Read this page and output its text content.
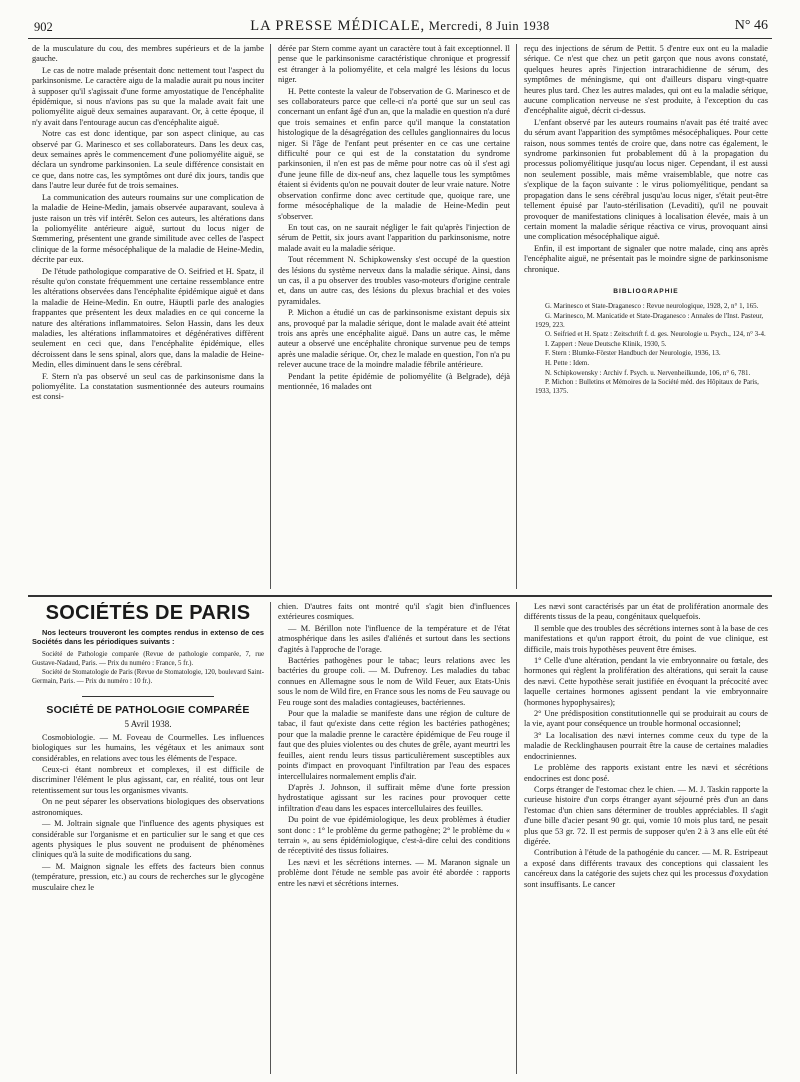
902	LA PRESSE MÉDICALE, Mercredi, 8 Juin 1938	N° 46

de la musculature du cou, des membres supérieurs et de la jambe gauche.

Le cas de notre malade présentait donc nettement tout l'aspect du parkinsonisme. Le caractère aigu de la maladie aurait pu nous inciter à supposer qu'il s'agissait d'une forme amyostatique de l'encéphalite épidémique, si nous n'avions pas su que la malade avait fait une poliomyélite aiguë deux semaines auparavant. Or, à cette époque, il n'y avait dans l'entourage aucun cas d'encéphalite aiguë.

Notre cas est donc identique, par son aspect clinique, au cas observé par G. Marinesco et ses collaborateurs. Dans les deux cas, deux semaines après le commencement d'une poliomyélite aiguë, se déclara un syndrome parkinsonien. La seule différence consistait en ce que, dans notre cas, les symptômes ont duré dix jours, tandis que dans l'autre leur durée fut de trois semaines.

La communication des auteurs roumains sur une complication de la maladie de Heine-Medin, jamais observée auparavant, souleva à juste raison un très vif intérêt. Selon ces auteurs, les altérations dans la poliomyélite antérieure aiguë, surtout du locus niger de Sœmmering, présentent une grande similitude avec celles de l'aspect clinique de la forme mésocéphalique de la maladie de Heine-Medin, décrite par eux.

De l'étude pathologique comparative de O. Seifried et H. Spatz, il résulte qu'on constate fréquemment une certaine ressemblance entre les altérations observées dans l'encéphalite épidémique aiguë et dans la maladie de Heine-Medin. En outre, Häuptli parle des analogies frappantes que présentent les deux maladies en ce qui concerne la nature des altérations inflammatoires. Selon Hassin, dans les deux maladies, les altérations inflammatoires et dégénératives diffèrent seulement en ceci que, dans l'encéphalite épidémique, elles décroissent dans le sens spinal, alors que, dans la maladie de Heine-Medin, elles diminuent dans le sens cérébral.

F. Stern n'a pas observé un seul cas de parkinsonisme dans la poliomyélite. La constatation susmentionnée des auteurs roumains est consi-

dérée par Stern comme ayant un caractère tout à fait exceptionnel. Il pense que le parkinsonisme caractéristique chronique et progressif est étranger à la poliomyélite, et cela malgré les lésions du locus niger.

H. Pette conteste la valeur de l'observation de G. Marinesco et de ses collaborateurs parce que celle-ci n'a porté que sur un seul cas concernant un enfant âgé d'un an, que la maladie en question n'a duré que trois semaines et enfin parce qu'il manque la constatation histologique de la désagrégation des cellules ganglionnaires du locus niger. Si l'âge de l'enfant peut présenter en ce cas une certaine difficulté pour ce qui est de la constatation du syndrome parkinsonien, il n'en est pas de même pour notre cas où il s'est agi d'une jeune fille de dix-neuf ans, chez laquelle tous les symptômes étaient si évidents qu'on ne pouvait douter de leur vraie nature. Notre observation confirme donc avec certitude que, quoique rare, une forme mésocéphalique de la maladie de Heine-Medin peut s'observer.

En tout cas, on ne saurait négliger le fait qu'après l'injection de sérum de Pettit, six jours avant l'apparition du parkinsonisme, notre malade avait eu la maladie sérique.

Tout récemment N. Schipkowensky s'est occupé de la question des lésions du système nerveux dans la maladie sérique. Ainsi, dans un cas, il a pu observer des troubles vaso-moteurs d'origine centrale et, dans un autre cas, des lésions du plexus brachial et des voies pyramidales.

P. Michon a étudié un cas de parkinsonisme existant depuis six ans, provoqué par la maladie sérique, dont le malade avait été atteint trois ans après une encéphalite aiguë. Dans un autre cas, le même auteur a observé une encéphalite chronique survenue peu de temps après une maladie sérique. Or, chez le malade en question, l'on n'a pu relever aucune trace de la moindre maladie fébrile antérieure.

Pendant la petite épidémie de poliomyélite (à Belgrade), déjà mentionnée, 16 malades ont

reçu des injections de sérum de Pettit. 5 d'entre eux ont eu la maladie sérique. Ce n'est que chez un petit garçon que nous avons constaté, quelques heures après l'injection intrarachidienne de sérum, des symptômes de méningisme, qui ont d'ailleurs disparu vingt-quatre heures plus tard. Chez les autres malades, qui ont eu la maladie sérique, aucune complication nerveuse ne s'est produite, à l'exception du cas d'encéphalite aiguë, décrit ci-dessus.

L'enfant observé par les auteurs roumains n'avait pas été traité avec du sérum avant l'apparition des symptômes mésocéphaliques. Pour cette raison, nous sommes tentés de croire que, dans notre cas également, le syndrome parkinsonien fut probablement dû à la propagation du processus poliomyélitique jusqu'au locus niger. Cependant, il est aussi non seulement possible, mais même vraisemblable, que notre cas s'explique de la façon suivante : le virus poliomyélitique, pendant sa propagation dans le sens cérébral jusqu'au locus niger, s'était peut-être tellement épuisé par l'auto-stérilisation (Levaditi), qu'il ne pouvait provoquer de manifestations cliniques à localisation élevée, mais à un certain moment la maladie sérique réactiva ce virus, provoquant ainsi une complication mésocéphalique aiguë.

Enfin, il est important de signaler que notre malade, cinq ans après l'encéphalite aiguë, ne présentait pas le moindre signe de parkinsonisme chronique.

BIBLIOGRAPHIE

G. Marinesco et State-Draganesco : Revue neurologique, 1928, 2, n° 1, 165.

G. Marinesco, M. Manicatide et State-Draganesco : Annales de l'Inst. Pasteur, 1929, 223.

O. Seifried et H. Spatz : Zeitschrift f. d. ges. Neurologie u. Psych., 124, n° 3-4.

I. Zappert : Neue Deutsche Klinik, 1930, 5.

F. Stern : Blumke-Förster Handbuch der Neurologie, 1936, 13.

H. Pette : Idem.

N. Schipkowensky : Archiv f. Psych. u. Nervenheilkunde, 106, n° 6, 781.

P. Michon : Bulletins et Mémoires de la Société méd. des Hôpitaux de Paris, 1933, 1375.

SOCIÉTÉS DE PARIS
Nos lecteurs trouveront les comptes rendus in extenso de ces Sociétés dans les périodiques suivants :

Société de Pathologie comparée (Revue de pathologie comparée, 7, rue Gustave-Nadaud, Paris. — Prix du numéro : France, 5 fr.).

Société de Stomatologie de Paris (Revue de Stomatologie, 120, boulevard Saint-Germain, Paris. — Prix du numéro : 10 fr.).

SOCIÉTÉ DE PATHOLOGIE COMPARÉE
5 Avril 1938.

Cosmobiologie. — M. Foveau de Courmelles. Les influences biologiques sur les humains, les végétaux et les animaux sont considérables, en relations avec tous les éléments de l'espace.

Ceux-ci étant nombreux et complexes, il est difficile de discriminer l'élément le plus agissant, car, en réalité, tous ont leur retentissement sur tous les organismes vivants.

On ne peut séparer les observations biologiques des observations astronomiques.

— M. Joltrain signale que l'influence des agents physiques est considérable sur l'organisme et en particulier sur le sang et que ces agents physiques le plus souvent ne produisent de phénomènes cliniques qu'à la suite de modifications du sang.

— M. Maignon signale les effets des facteurs bien connus (température, pression, etc.) au cours de recherches sur le glycogène musculaire chez le

chien. D'autres faits ont montré qu'il s'agit bien d'influences extérieures cosmiques.

— M. Bérillon note l'influence de la température et de l'état atmosphérique dans les asiles d'aliénés et surtout dans les sections d'agités à l'approche de l'orage.

Bactéries pathogènes pour le tabac; leurs relations avec les bactéries du groupe coli. — M. Dufrenoy. Les maladies du tabac connues en Allemagne sous le nom de Wild Feuer, aux Etats-Unis sous le nom de Wild fire, en France sous les noms de Feu sauvage ou Feu rouge sont des maladies contagieuses, bactériennes.

Pour que la maladie se manifeste dans une région de culture de tabac, il faut qu'existe dans cette région les bactéries pathogènes; pour que la maladie prenne le caractère épidémique de Feu rouge il faut que des pluies violentes ou des chutes de grêle, ayant meurtri les feuilles, aient rendu leurs tissus particulièrement susceptibles aux points d'impact en provoquant l'infiltration par l'eau des espaces intercellulaires normalement emplis d'air.

D'après J. Johnson, il suffirait même d'une forte pression hydrostatique agissant sur les racines pour provoquer cette infiltration d'eau dans les espaces intercellulaires des feuilles.

Du point de vue épidémiologique, les deux problèmes à étudier sont donc : 1° le problème du germe pathogène; 2° le problème du « terrain », au sens épidémiologique, c'est-à-dire celui des conditions de réceptivité des tissus foliaires.

Les nævi et les sécrétions internes. — M. Maranon signale un problème dont l'étude ne semble pas avoir été abordée : rapports entre les nævi et sécrétions internes.

Les nævi sont caractérisés par un état de prolifération anormale des différents tissus de la peau, congénitaux quelquefois.

Il semble que des troubles des sécrétions internes sont à la base de ces manifestations et qu'un rapport étroit, du point de vue clinique, est difficile, mais trois hypothèses peuvent être émises.

1° Celle d'une altération, pendant la vie embryonnaire ou fœtale, des hormones qui règlent la prolifération des altérations, qui serait la cause des nævi. Cette hypothèse serait justifiée en évoquant la précocité avec laquelle certaines hormones agissent pendant la vie embryonnaire (hormones hypophysaires);

2° Une prédisposition constitutionnelle qui se produirait au cours de la vie, ayant pour conséquence un trouble hormonal occasionnel;

3° La localisation des nævi internes comme ceux du type de la maladie de Recklinghausen pourrait être la cause de certaines maladies endocriniennes.

Le problème des rapports existant entre les nævi et sécrétions endocrines est donc posé.

Corps étranger de l'estomac chez le chien. — M. J. Taskin rapporte la curieuse histoire d'un corps étranger ayant séjourné près d'un an dans l'estomac d'un chien sans déterminer de troubles appréciables. Il s'agit d'une bille d'acier pesant 90 gr. qui, vomie 10 mois plus tard, ne pesait plus que 53 gr. 72. Il est permis de supposer qu'en 2 à 3 ans elle eût été digérée.

Contribution à l'étude de la pathogénie du cancer. — M. R. Estripeaut a exposé dans différents travaux des conceptions qui classaient les cancéreux dans la catégorie des sujets chez qui les processus d'oxydation sont insuffisants. Le cancer
